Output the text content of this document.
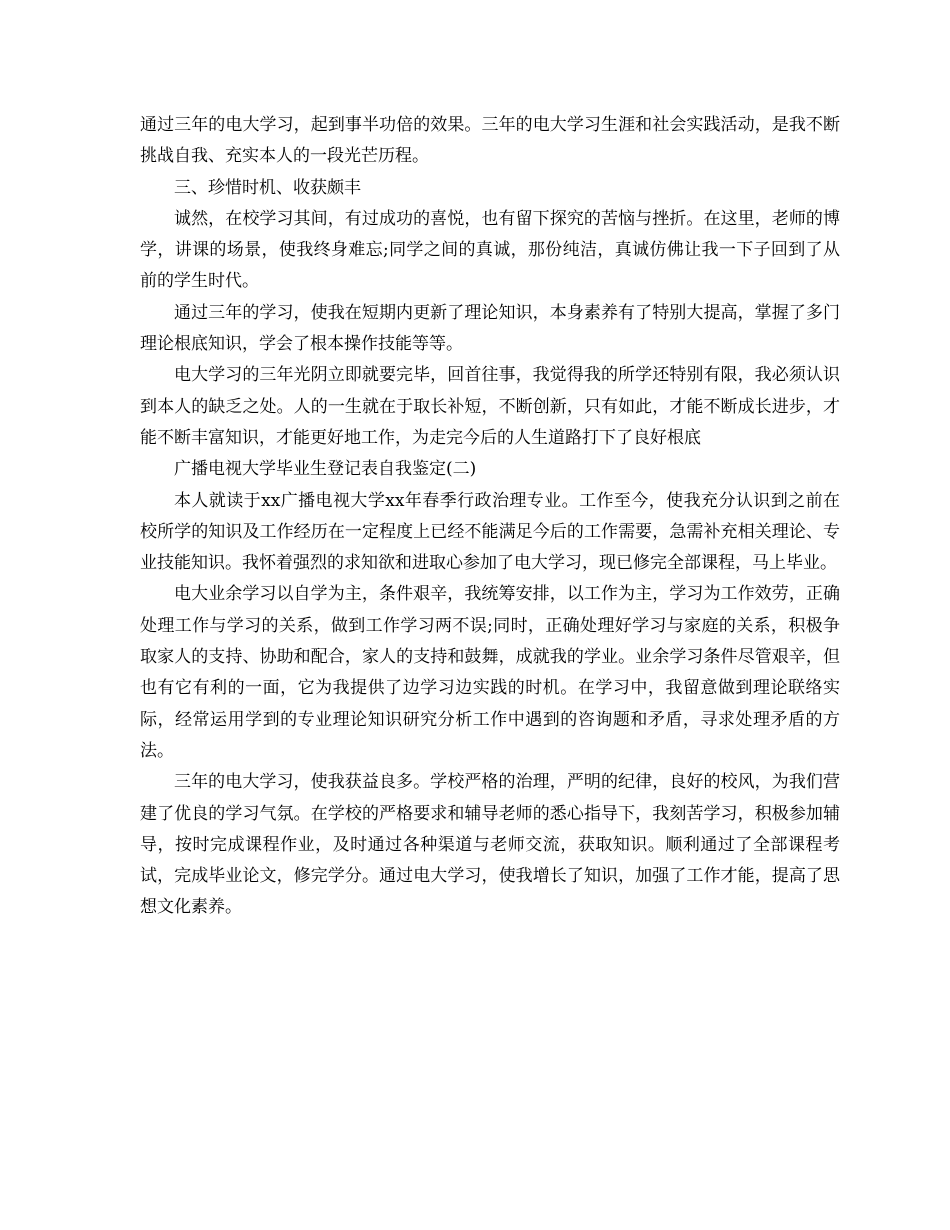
通过三年的电大学习，起到事半功倍的效果。三年的电大学习生涯和社会实践活动，是我不断挑战自我、充实本人的一段光芒历程。

三、珍惜时机、收获颇丰

诚然，在校学习其间，有过成功的喜悦，也有留下探究的苦恼与挫折。在这里，老师的博学，讲课的场景，使我终身难忘;同学之间的真诚，那份纯洁，真诚仿佛让我一下子回到了从前的学生时代。

通过三年的学习，使我在短期内更新了理论知识，本身素养有了特别大提高，掌握了多门理论根底知识，学会了根本操作技能等等。

电大学习的三年光阴立即就要完毕，回首往事，我觉得我的所学还特别有限，我必须认识到本人的缺乏之处。人的一生就在于取长补短，不断创新，只有如此，才能不断成长进步，才能不断丰富知识，才能更好地工作，为走完今后的人生道路打下了良好根底

广播电视大学毕业生登记表自我鉴定(二)

本人就读于xx广播电视大学xx年春季行政治理专业。工作至今，使我充分认识到之前在校所学的知识及工作经历在一定程度上已经不能满足今后的工作需要，急需补充相关理论、专业技能知识。我怀着强烈的求知欲和进取心参加了电大学习，现已修完全部课程，马上毕业。

电大业余学习以自学为主，条件艰辛，我统筹安排，以工作为主，学习为工作效劳，正确处理工作与学习的关系，做到工作学习两不误;同时，正确处理好学习与家庭的关系，积极争取家人的支持、协助和配合，家人的支持和鼓舞，成就我的学业。业余学习条件尽管艰辛，但也有它有利的一面，它为我提供了边学习边实践的时机。在学习中，我留意做到理论联络实际，经常运用学到的专业理论知识研究分析工作中遇到的咨询题和矛盾，寻求处理矛盾的方法。

三年的电大学习，使我获益良多。学校严格的治理，严明的纪律，良好的校风，为我们营建了优良的学习气氛。在学校的严格要求和辅导老师的悉心指导下，我刻苦学习，积极参加辅导，按时完成课程作业，及时通过各种渠道与老师交流，获取知识。顺利通过了全部课程考试，完成毕业论文，修完学分。通过电大学习，使我增长了知识，加强了工作才能，提高了思想文化素养。
